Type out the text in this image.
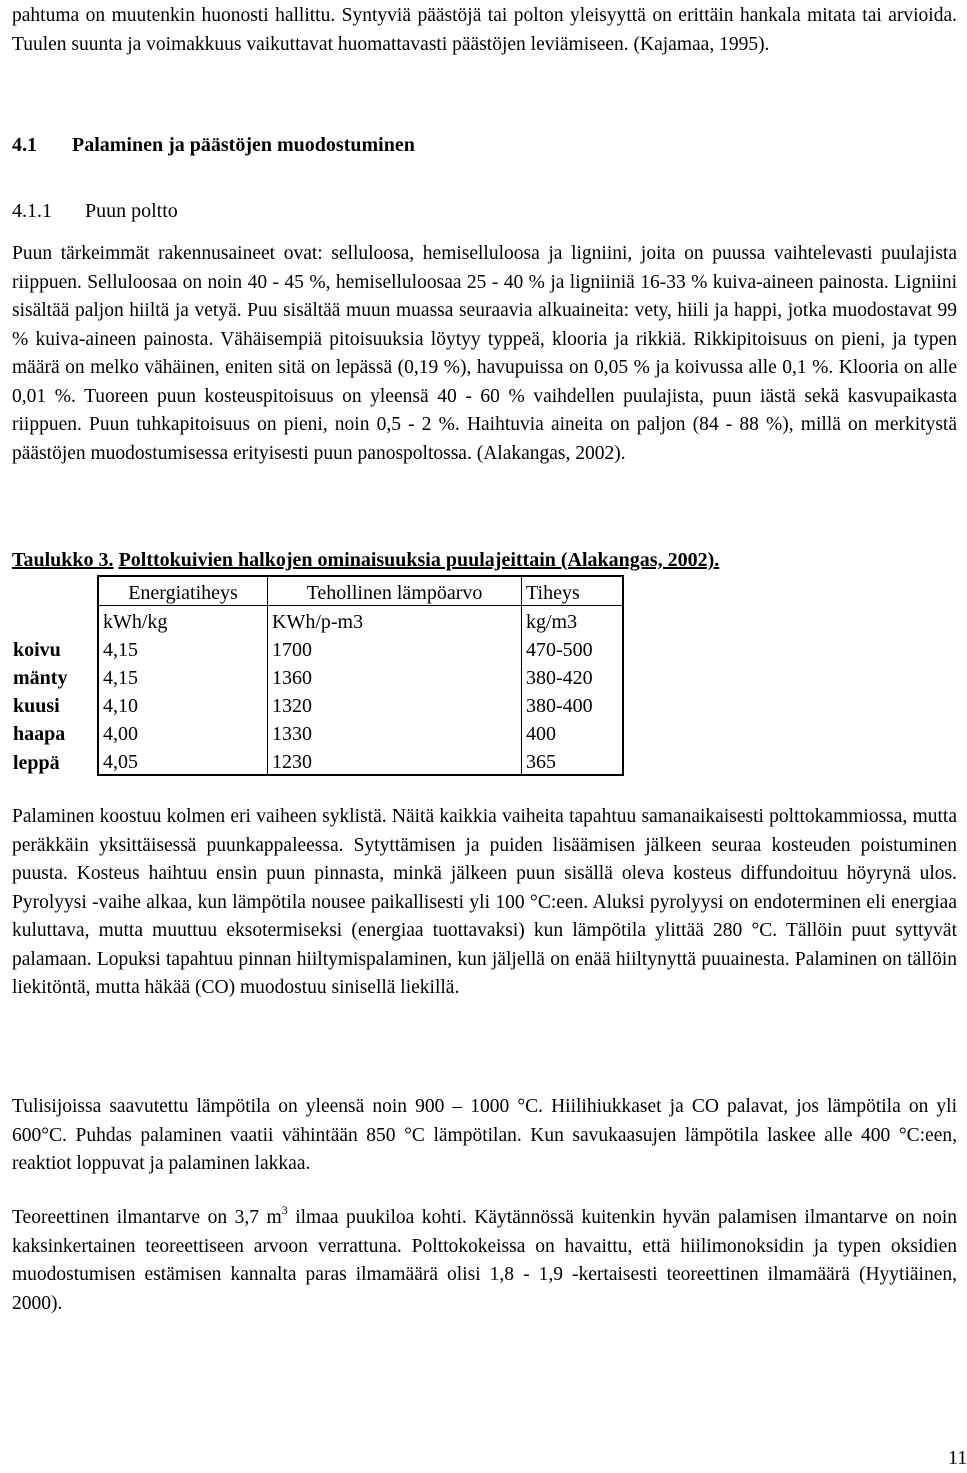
pahtuma on muutenkin huonosti hallittu. Syntyviä päästöjä tai polton yleisyyttä on erittäin hankala mitata tai arvioida. Tuulen suunta ja voimakkuus vaikuttavat huomattavasti päästöjen leviämiseen. (Kajamaa, 1995).

4.1 Palaminen ja päästöjen muodostuminen
4.1.1 Puun poltto

Puun tärkeimmät rakennusaineet ovat: selluloosa, hemiselluloosa ja ligniini, joita on puussa vaihtelevasti puulajista riippuen. Selluloosaa on noin 40 - 45 %, hemiselluloosaa 25 - 40 % ja ligniiniä 16-33 % kuiva-aineen painosta. Ligniini sisältää paljon hiiltä ja vetyä. Puu sisältää muun muassa seuraavia alkuaineita: vety, hiili ja happi, jotka muodostavat 99 % kuiva-aineen painosta. Vähäisempiä pitoisuuksia löytyy typpeä, klooria ja rikkiä. Rikkipitoisuus on pieni, ja typen määrä on melko vähäinen, eniten sitä on lepässä (0,19 %), havupuissa on 0,05 % ja koivussa alle 0,1 %. Klooria on alle 0,01 %. Tuoreen puun kosteuspitoisuus on yleensä 40 - 60 % vaihdellen puulajista, puun iästä sekä kasvupaikasta riippuen. Puun tuhkapitoisuus on pieni, noin 0,5 - 2 %. Haihtuvia aineita on paljon (84 - 88 %), millä on merkitystä päästöjen muodostumisessa erityisesti puun panospoltossa. (Alakangas, 2002).

Taulukko 3. Polttokuivien halkojen ominaisuuksia puulajeittain (Alakangas, 2002).
	Energiatiheys	Tehollinen lämpöarvo	Tiheys
	kWh/kg	KWh/p-m3	kg/m3
koivu	4,15	1700	470-500
mänty	4,15	1360	380-420
kuusi	4,10	1320	380-400
haapa	4,00	1330	400
leppä	4,05	1230	365

Palaminen koostuu kolmen eri vaiheen syklistä. Näitä kaikkia vaiheita tapahtuu samanaikaisesti polttokammiossa, mutta peräkkäin yksittäisessä puunkappaleessa. Sytyttämisen ja puiden lisäämisen jälkeen seuraa kosteuden poistuminen puusta. Kosteus haihtuu ensin puun pinnasta, minkä jälkeen puun sisällä oleva kosteus diffundoituu höyrynä ulos. Pyrolyysi -vaihe alkaa, kun lämpötila nousee paikallisesti yli 100 °C:een. Aluksi pyrolyysi on endoterminen eli energiaa kuluttava, mutta muuttuu eksotermiseksi (energiaa tuottavaksi) kun lämpötila ylittää 280 °C. Tällöin puut syttyvät palamaan. Lopuksi tapahtuu pinnan hiiltymispalaminen, kun jäljellä on enää hiiltynyttä puuainesta. Palaminen on tällöin liekitöntä, mutta häkää (CO) muodostuu sinisellä liekillä.

Tulisijoissa saavutettu lämpötila on yleensä noin 900 – 1000 °C. Hiilihiukkaset ja CO palavat, jos lämpötila on yli 600°C. Puhdas palaminen vaatii vähintään 850 °C lämpötilan. Kun savukaasujen lämpötila laskee alle 400 °C:een, reaktiot loppuvat ja palaminen lakkaa.

Teoreettinen ilmantarve on 3,7 $m^3$ ilmaa puukiloa kohti. Käytännössä kuitenkin hyvän palamisen ilmantarve on noin kaksinkertainen teoreettiseen arvoon verrattuna. Polttokokeissa on havaittu, että hiilimonoksidin ja typen oksidien muodostumisen estämisen kannalta paras ilmamäärä olisi 1,8 - 1,9 -kertaisesti teoreettinen ilmamäärä (Hyytiäinen, 2000).

11
